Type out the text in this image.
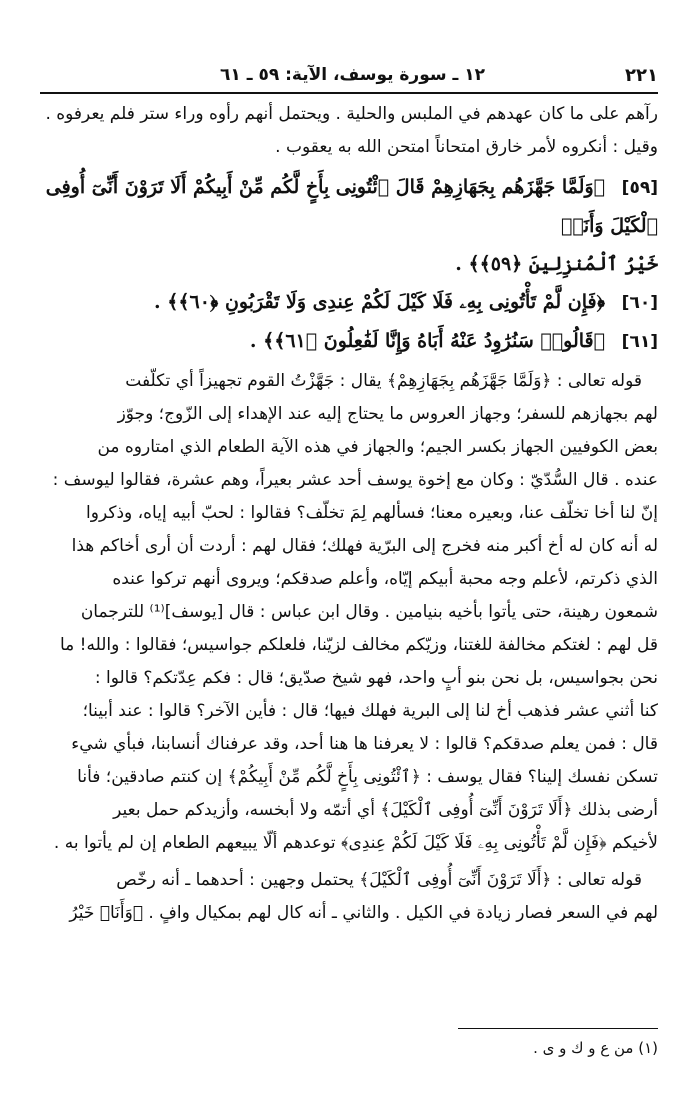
٢٢١
١٢ ـ سورة يوسف، الآية: ٥٩ ـ ٦١

رآهم على ما كان عهدهم في الملبس والحلية . ويحتمل أنهم رأوه وراء ستر فلم يعرفوه .

وقيل : أنكروه لأمر خارق امتحاناً امتحن الله به يعقوب .

[٥٩] ﴿وَلَمَّا جَهَّزَهُم بِجَهَازِهِمْ قَالَ ٱئْتُونِى بِأَخٍ لَّكُم مِّنْ أَبِيكُمْ أَلَا تَرَوْنَ أَنِّىٓ أُوفِى ٱلْكَيْلَ وَأَنَا۠

خَيْرُ ٱلْمُنزِلِينَ ﴿٥٩﴾﴾ .

[٦٠] ﴿فَإِن لَّمْ تَأْتُونِى بِهِۦ فَلَا كَيْلَ لَكُمْ عِندِى وَلَا تَقْرَبُونِ ﴿٦٠﴾﴾ .

[٦١] ﴿قَالُوا۟ سَنُرَٰوِدُ عَنْهُ أَبَاهُ وَإِنَّا لَفَٰعِلُونَ ﴿٦١﴾﴾ .

قوله تعالى : ﴿وَلَمَّا جَهَّزَهُم بِجَهَازِهِمْ﴾ يقال : جَهَّزْتُ القوم تجهيزاً أي تكلّفت

لهم بجهازهم للسفر؛ وجهاز العروس ما يحتاج إليه عند الإهداء إلى الزّوج؛ وجوّز

بعض الكوفيين الجهاز بكسر الجيم؛ والجهاز في هذه الآية الطعام الذي امتاروه من

عنده . قال السُّدّيّ : وكان مع إخوة يوسف أحد عشر بعيراً، وهم عشرة، فقالوا ليوسف :

إنّ لنا أخا تخلّف عنا، وبعيره معنا؛ فسألهم لِمَ تخلّف؟ فقالوا : لحبّ أبيه إياه، وذكروا

له أنه كان له أخ أكبر منه فخرج إلى البرّية فهلك؛ فقال لهم : أردت أن أرى أخاكم هذا

الذي ذكرتم، لأعلم وجه محبة أبيكم إيّاه، وأعلم صدقكم؛ ويروى أنهم تركوا عنده

شمعون رهينة، حتى يأتوا بأخيه بنيامين . وقال ابن عباس : قال [يوسف]⁽¹⁾ للترجمان

قل لهم : لغتكم مخالفة للغتنا، وزيّكم مخالف لزيّنا، فلعلكم جواسيس؛ فقالوا : والله! ما

نحن بجواسيس، بل نحن بنو أبٍ واحد، فهو شيخ صدّيق؛ قال : فكم عِدّتكم؟ قالوا :

كنا أثني عشر فذهب أخ لنا إلى البرية فهلك فيها؛ قال : فأين الآخر؟ قالوا : عند أبينا؛

قال : فمن يعلم صدقكم؟ قالوا : لا يعرفنا ها هنا أحد، وقد عرفناك أنسابنا، فبأي شيء

تسكن نفسك إلينا؟ فقال يوسف : ﴿ٱئْتُونِى بِأَخٍ لَّكُم مِّنْ أَبِيكُمْ﴾ إن كنتم صادقين؛ فأنا

أرضى بذلك ﴿أَلَا تَرَوْنَ أَنِّىٓ أُوفِى ٱلْكَيْلَ﴾ أي أتمّه ولا أبخسه، وأزيدكم حمل بعير

لأخيكم ﴿فَإِن لَّمْ تَأْتُونِى بِهِۦ فَلَا كَيْلَ لَكُمْ عِندِى﴾ توعدهم ألّا يبيعهم الطعام إن لم يأتوا به .

قوله تعالى : ﴿أَلَا تَرَوْنَ أَنِّىٓ أُوفِى ٱلْكَيْلَ﴾ يحتمل وجهين : أحدهما ـ أنه رخّص

لهم في السعر فصار زيادة في الكيل . والثاني ـ أنه كال لهم بمكيال وافٍ . ﴿وَأَنَا۠ خَيْرُ

(١) من ع و ك و ى .
